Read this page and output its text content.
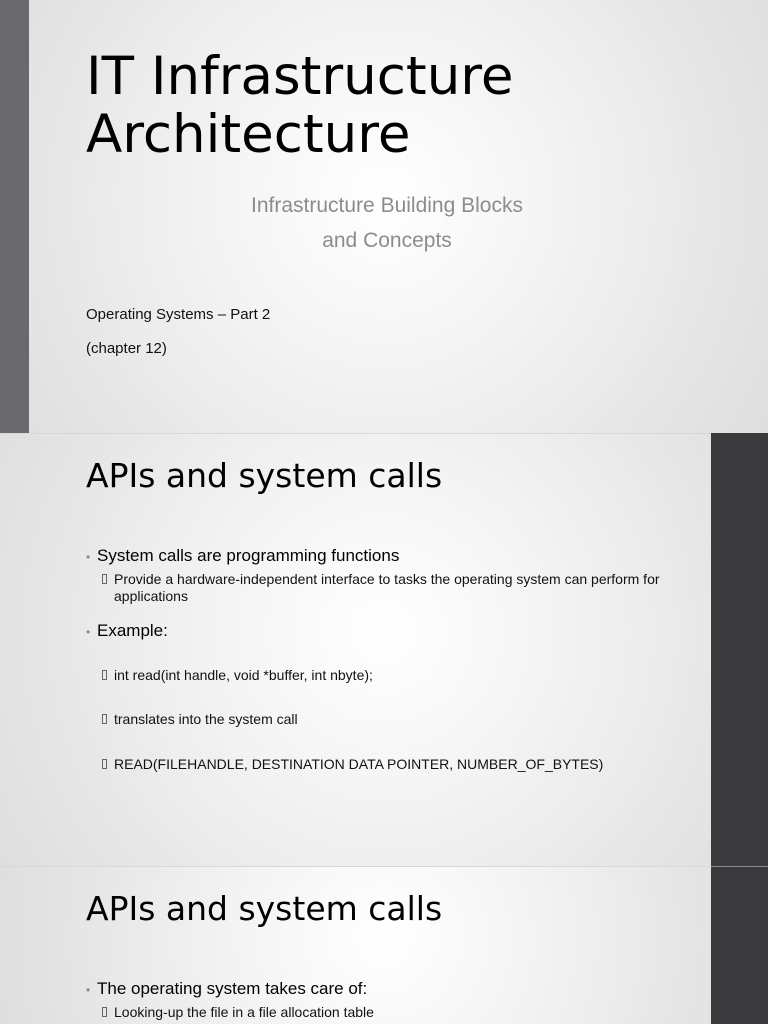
IT Infrastructure
Architecture
Infrastructure Building Blocks
and Concepts
Operating Systems – Part 2
(chapter 12)
APIs and system calls
• System calls are programming functions
Provide a hardware-independent interface to tasks the operating system can perform for applications
• Example:
int read(int handle, void *buffer, int nbyte);
translates into the system call
READ(FILEHANDLE, DESTINATION DATA POINTER, NUMBER_OF_BYTES)
APIs and system calls
• The operating system takes care of:
Looking-up the file in a file allocation table
